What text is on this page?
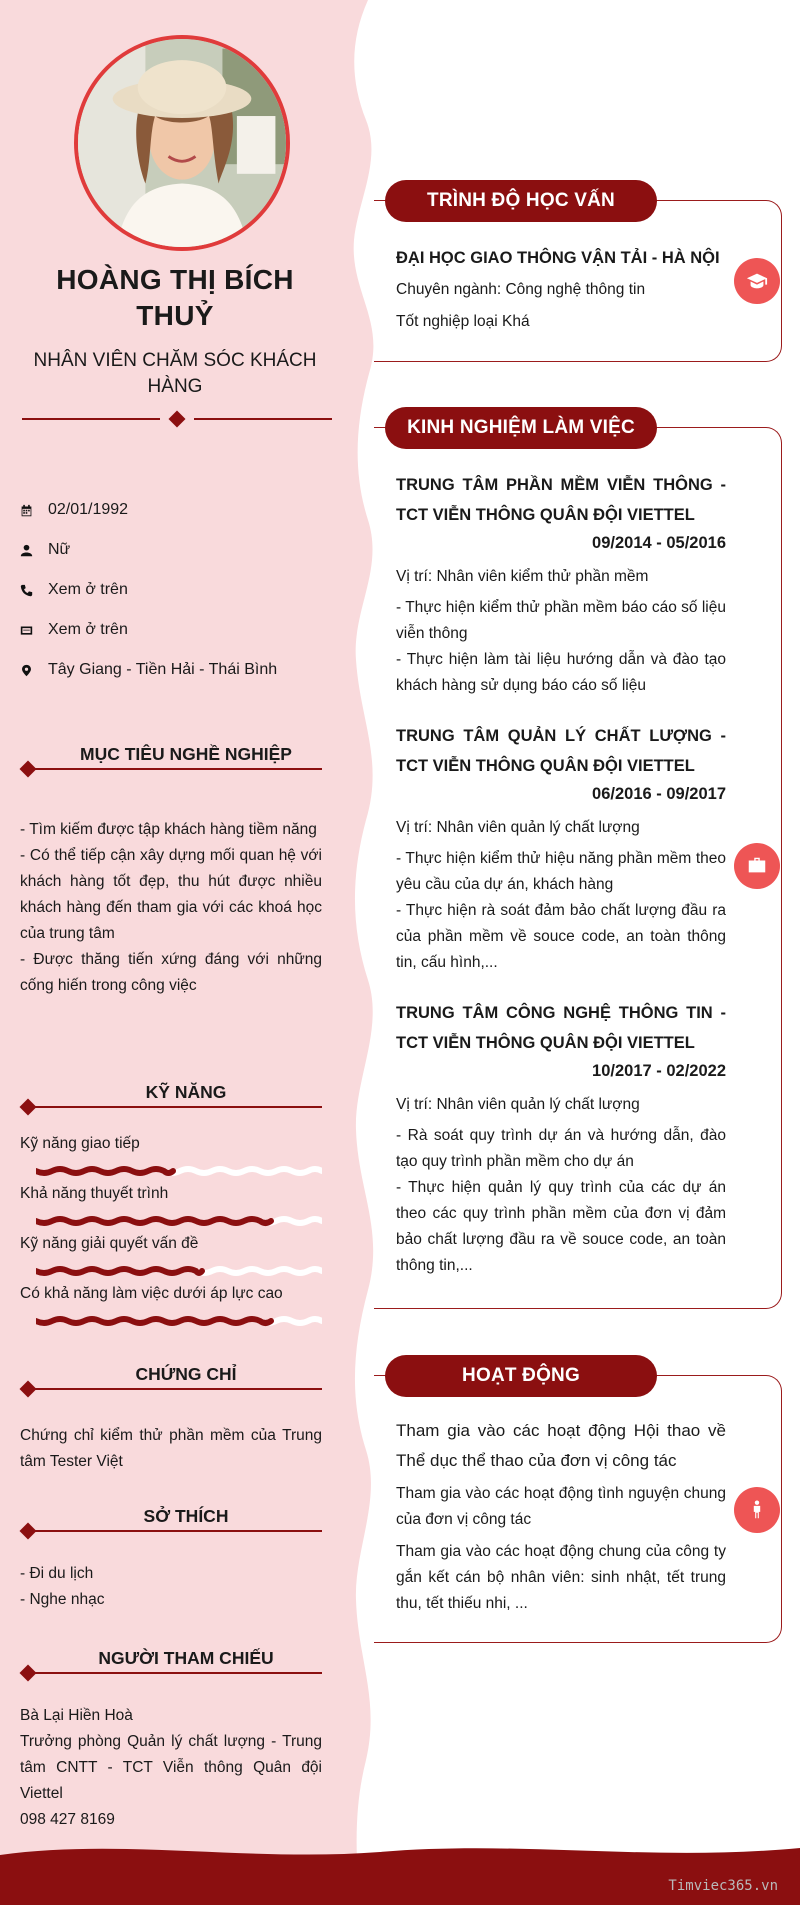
HOÀNG THỊ BÍCH THUỶ
NHÂN VIÊN CHĂM SÓC KHÁCH HÀNG
02/01/1992
Nữ
Xem ở trên
Xem ở trên
Tây Giang - Tiền Hải - Thái Bình
MỤC TIÊU NGHỀ NGHIỆP
- Tìm kiếm được tập khách hàng tiềm năng
- Có thể tiếp cận xây dựng mối quan hệ với khách hàng tốt đẹp, thu hút được nhiều khách hàng đến tham gia với các khoá học của trung tâm
- Được thăng tiến xứng đáng với những cống hiến trong công việc
KỸ NĂNG
Kỹ năng giao tiếp
Khả năng thuyết trình
Kỹ năng giải quyết vấn đề
Có khả năng làm việc dưới áp lực cao
CHỨNG CHỈ
Chứng chỉ kiểm thử phần mềm của Trung tâm Tester Việt
SỞ THÍCH
- Đi du lịch
- Nghe nhạc
NGƯỜI THAM CHIẾU
Bà Lại Hiền Hoà
Trưởng phòng Quản lý chất lượng - Trung tâm CNTT - TCT Viễn thông Quân đội Viettel
098 427 8169
TRÌNH ĐỘ HỌC VẤN
ĐẠI HỌC GIAO THÔNG VẬN TẢI - HÀ NỘI
Chuyên ngành: Công nghệ thông tin
Tốt nghiệp loại Khá
KINH NGHIỆM LÀM VIỆC
TRUNG TÂM PHẦN MỀM VIỄN THÔNG - TCT VIỄN THÔNG QUÂN ĐỘI VIETTEL
09/2014 - 05/2016
Vị trí: Nhân viên kiểm thử phần mềm
- Thực hiện kiểm thử phần mềm báo cáo số liệu viễn thông
- Thực hiện làm tài liệu hướng dẫn và đào tạo khách hàng sử dụng báo cáo số liệu
TRUNG TÂM QUẢN LÝ CHẤT LƯỢNG - TCT VIỄN THÔNG QUÂN ĐỘI VIETTEL
06/2016 - 09/2017
Vị trí: Nhân viên quản lý chất lượng
- Thực hiện kiểm thử hiệu năng phần mềm theo yêu cầu của dự án, khách hàng
- Thực hiện rà soát đảm bảo chất lượng đầu ra của phần mềm về souce code, an toàn thông tin, cấu hình,...
TRUNG TÂM CÔNG NGHỆ THÔNG TIN - TCT VIỄN THÔNG QUÂN ĐỘI VIETTEL
10/2017 - 02/2022
Vị trí: Nhân viên quản lý chất lượng
- Rà soát quy trình dự án và hướng dẫn, đào tạo quy trình phần mềm cho dự án
- Thực hiện quản lý quy trình của các dự án theo các quy trình phần mềm của đơn vị đảm bảo chất lượng đầu ra về souce code, an toàn thông tin,...
HOẠT ĐỘNG
Tham gia vào các hoạt động Hội thao về Thể dục thể thao của đơn vị công tác
Tham gia vào các hoạt động tình nguyện chung của đơn vị công tác
Tham gia vào các hoạt động chung của công ty gắn kết cán bộ nhân viên: sinh nhật, tết trung thu, tết thiếu nhi, ...
Timviec365.vn
